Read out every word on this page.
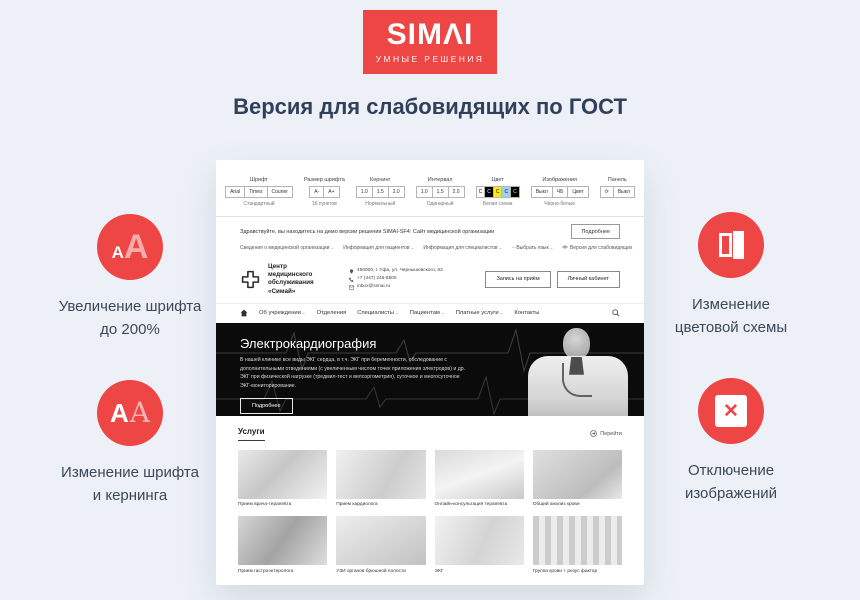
SIMΛI
УМНЫЕ РЕШЕНИЯ
Версия для слабовидящих по ГОСТ
A A
Увеличение шрифта
до 200%
A A
Изменение шрифта
и кернинга
Изменение
цветовой схемы
✕
Отключение
изображений
Шрифт
Arial	Times	Courier
Стандартный
Размер шрифта
A-	A+
16 пунктов
Кернинг
1.0	1.5	2.0
Нормальный
Интервал
1.0	1.5	2.0
Одинарный
Цвет
C	C	C	C	C
Белая схема
Изображения
Выкл	ЧБ	Цвет
Чёрно-белые
Панель
⟳	Выкл
Здравствуйте, вы находитесь на демо версии решения SIMAI-SF4: Сайт медицинской организации	Подробнее
Сведения о медицинской организации⌄ Информация для пациентов⌄ Информация для специалистов⌄ ··· Выбрать язык⌄	Версия для слабовидящих
Центр медицинского обслуживания «Симай»
450000, г. Уфа, ул. Чернышевского, 82
+7 (347) 246-6500
inbox@simai.ru
Запись на приём	Личный кабинет
Об учреждении⌄ Отделения Специалисты⌄ Пациентам⌄ Платные услуги⌄ Контакты
Электрокардиография
В нашей клинике все виды ЭКГ сердца, в т.ч. ЭКГ при беременности, обследование с дополнительными отведениями (с увеличенным числом точек приложения электродов) и др. ЭКГ при физической нагрузке (тредмил-тест и велоэргометрия), суточное и многосуточное ЭКГ-мониторирование.
Подробнее
Услуги	Перейти
Прием врача-терапевта	Прием кардиолога	Онлайн-консультация терапевта	Общий анализ крови
Прием гастроэнтеролога	УЗИ органов брюшной полости	ЭКГ	Группа крови + резус фактор
